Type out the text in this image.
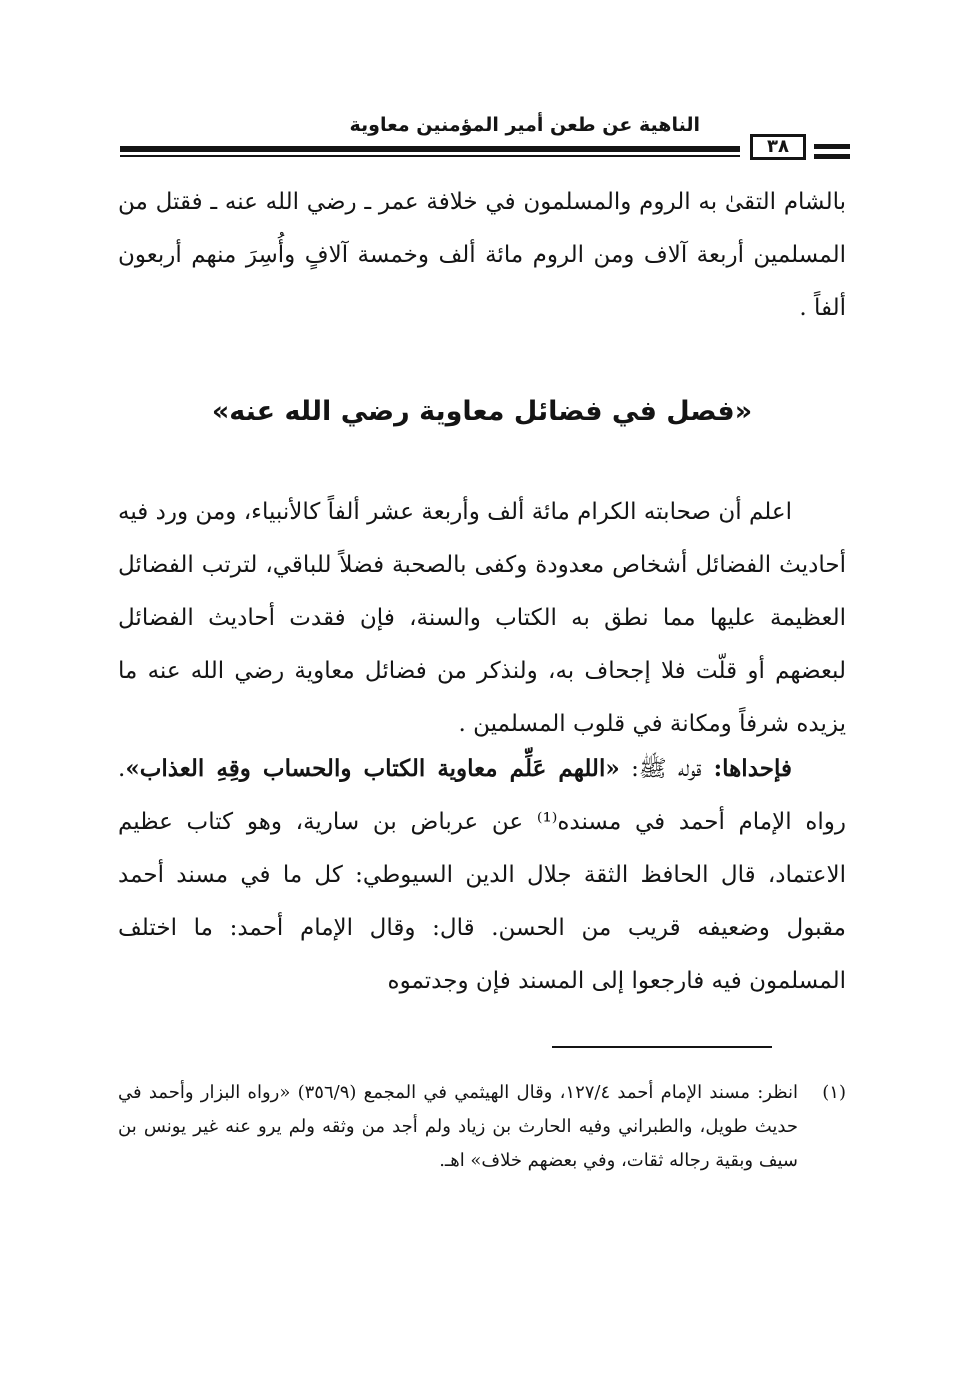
الناهية عن طعن أمير المؤمنين معاوية
٣٨

بالشام التقىٰ به الروم والمسلمون في خلافة عمر ـ رضي الله عنه ـ فقتل من المسلمين أربعة آلاف ومن الروم مائة ألف وخمسة آلافٍ وأُسِرَ منهم أربعون ألفاً .

«فصل في فضائل معاوية رضي الله عنه»

اعلم أن صحابته الكرام مائة ألف وأربعة عشر ألفاً كالأنبياء، ومن ورد فيه أحاديث الفضائل أشخاص معدودة وكفى بالصحبة فضلاً للباقي، لترتب الفضائل العظيمة عليها مما نطق به الكتاب والسنة، فإن فقدت أحاديث الفضائل لبعضهم أو قلّت فلا إجحاف به، ولنذكر من فضائل معاوية رضي الله عنه ما يزيده شرفاً ومكانة في قلوب المسلمين .

فإحداها: قوله ﷺ: «اللهم عَلِّم معاوية الكتاب والحساب وقِهِ العذاب». رواه الإمام أحمد في مسنده⁽¹⁾ عن عرباض بن سارية، وهو كتاب عظيم الاعتماد، قال الحافظ الثقة جلال الدين السيوطي: كل ما في مسند أحمد مقبول وضعيفه قريب من الحسن. قال: وقال الإمام أحمد: ما اختلف المسلمون فيه فارجعوا إلى المسند فإن وجدتموه

(١)
انظر: مسند الإمام أحمد ١٢٧/٤، وقال الهيثمي في المجمع (٣٥٦/٩) «رواه البزار وأحمد في حديث طويل، والطبراني وفيه الحارث بن زياد ولم أجد من وثقه ولم يرو عنه غير يونس بن سيف وبقية رجاله ثقات، وفي بعضهم خلاف» اهـ.
